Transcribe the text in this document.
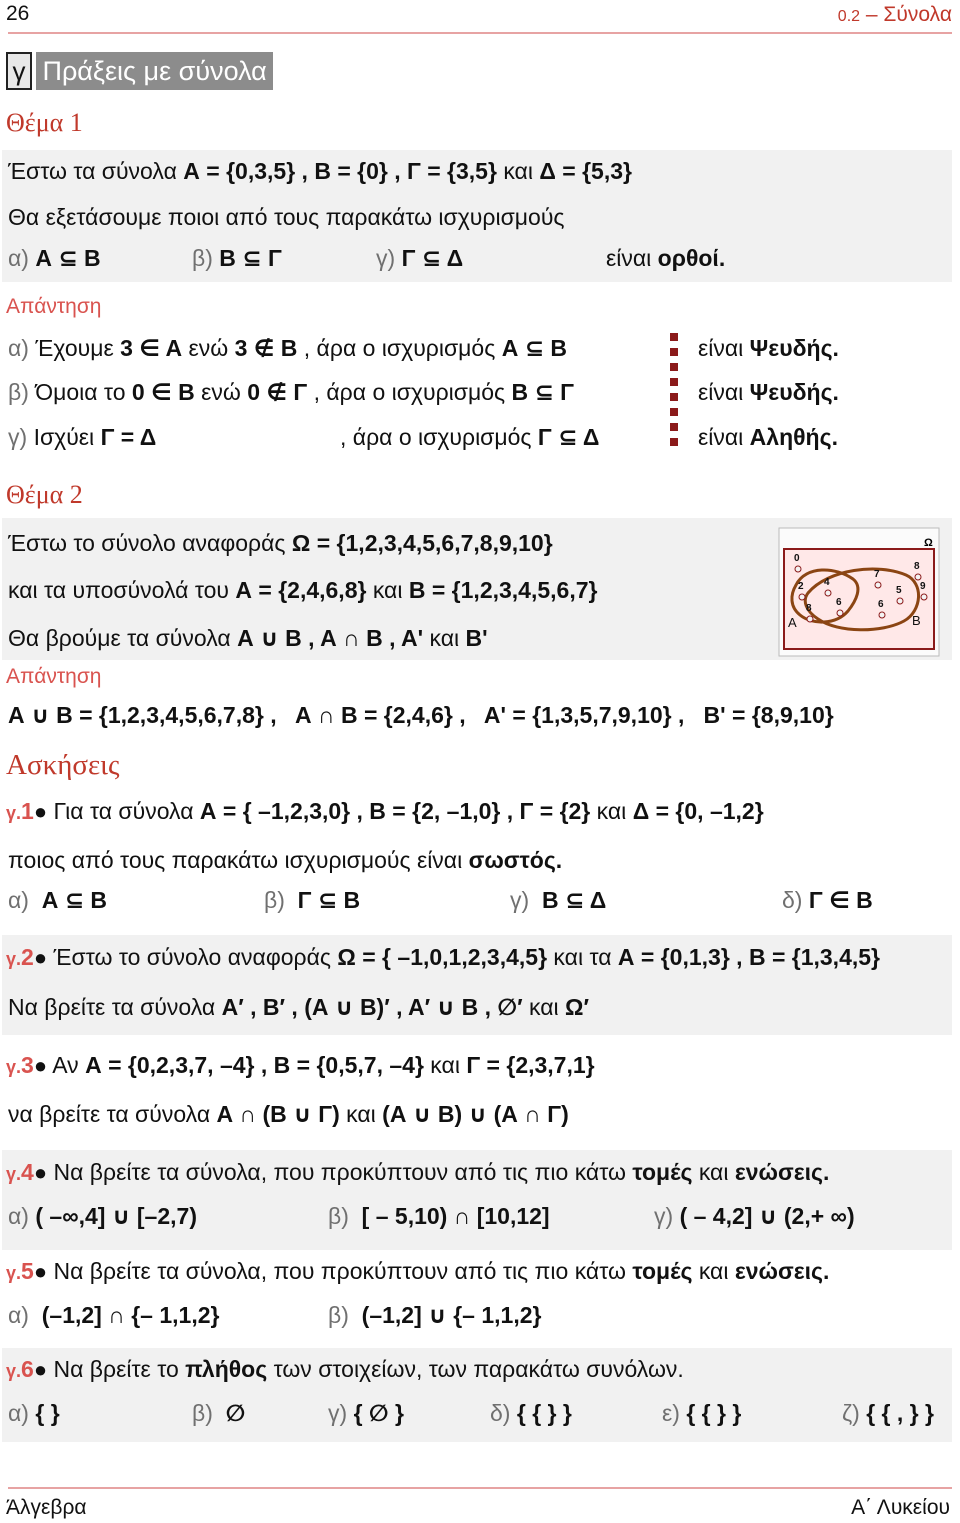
26	0.2 – Σύνολα
γ Πράξεις με σύνολα
Θέμα 1
Έστω τα σύνολα Α = {0,3,5} , Β = {0} , Γ = {3,5} και Δ = {5,3}
Θα εξετάσουμε ποιοι από τους παρακάτω ισχυρισμούς
α) Α ⊆ Β	β) Β ⊆ Γ	γ) Γ ⊆ Δ	είναι ορθοί.
Απάντηση
α) Έχουμε 3 ∈ Α ενώ 3 ∉ Β , άρα ο ισχυρισμός Α ⊆ Β	είναι Ψευδής.
β) Όμοια το 0 ∈ Β ενώ 0 ∉ Γ , άρα ο ισχυρισμός Β ⊆ Γ	είναι Ψευδής.
γ) Ισχύει Γ = Δ	, άρα ο ισχυρισμός Γ ⊆ Δ	είναι Αληθής.
Θέμα 2
Έστω το σύνολο αναφοράς Ω = {1,2,3,4,5,6,7,8,9,10}
και τα υποσύνολά του Α = {2,4,6,8} και Β = {1,2,3,4,5,6,7}
Θα βρούμε τα σύνολα Α ∪ Β , Α ∩ Β , Α' και Β'
Ω
0
2 4
8
6
7
8
5 9
6
A	B
Απάντηση
Α ∪ Β = {1,2,3,4,5,6,7,8} ,   Α ∩ Β = {2,4,6} ,   Α' = {1,3,5,7,9,10} ,   Β' = {8,9,10}
Ασκήσεις
γ.1● Για τα σύνολα Α = { –1,2,3,0} , Β = {2, –1,0} , Γ = {2} και Δ = {0, –1,2}
ποιος από τους παρακάτω ισχυρισμούς είναι σωστός.
α) Α ⊆ Β	β) Γ ⊆ Β	γ) Β ⊆ Δ	δ) Γ ∈ Β
γ.2● Έστω το σύνολο αναφοράς Ω = { –1,0,1,2,3,4,5} και τα Α = {0,1,3} , Β = {1,3,4,5}
Να βρείτε τα σύνολα Α′ , Β′ , (Α ∪ Β)′ , Α′ ∪ Β , ∅′ και Ω′
γ.3● Αν Α = {0,2,3,7, –4} , Β = {0,5,7, –4} και Γ = {2,3,7,1}
να βρείτε τα σύνολα Α ∩ (Β ∪ Γ) και (Α ∪ Β) ∪ (Α ∩ Γ)
γ.4● Να βρείτε τα σύνολα, που προκύπτουν από τις πιο κάτω τομές και ενώσεις.
α) ( –∞,4] ∪ [–2,7)	β) [ – 5,10) ∩ [10,12]	γ) ( – 4,2] ∪ (2,+ ∞)
γ.5● Να βρείτε τα σύνολα, που προκύπτουν από τις πιο κάτω τομές και ενώσεις.
α) (–1,2] ∩ {– 1,1,2}	β) (–1,2] ∪ {– 1,1,2}
γ.6● Να βρείτε το πλήθος των στοιχείων, των παρακάτω συνόλων.
α) { }	β) ∅	γ) { ∅ }	δ) { { } }	ε) { { } }	ζ) { { , } }
Άλγεβρα	Α΄ Λυκείου
